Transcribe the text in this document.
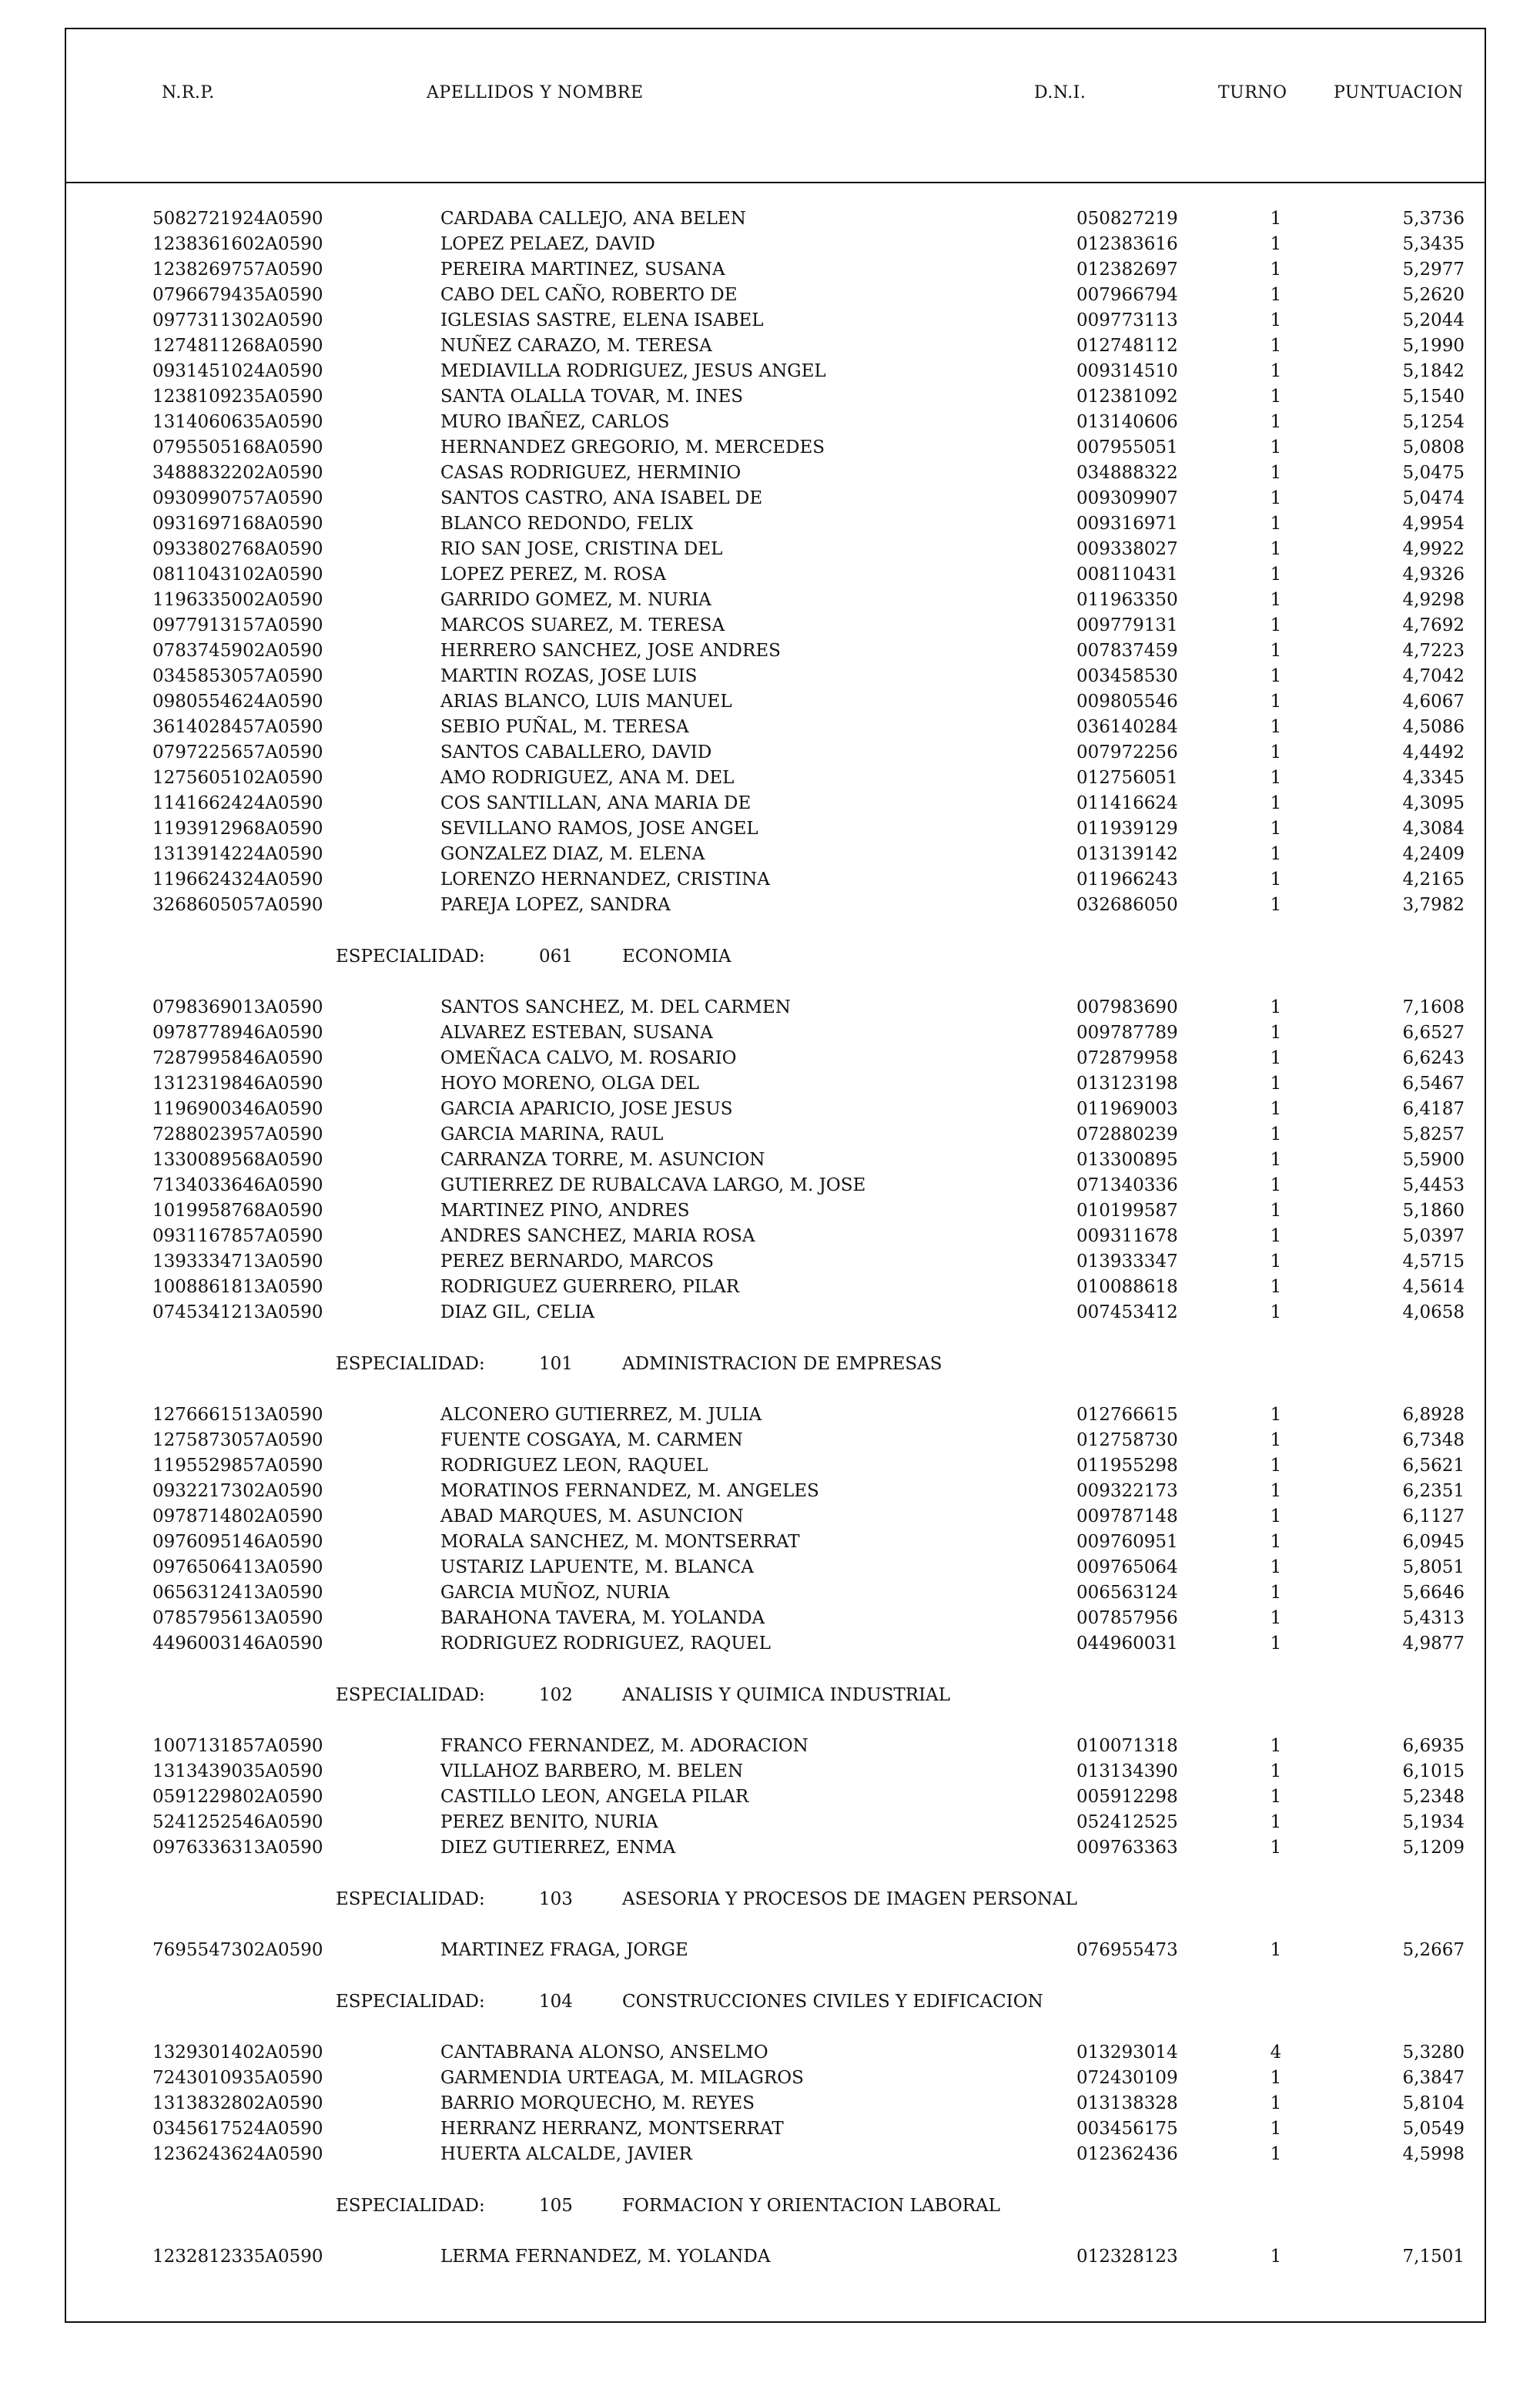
N.R.P.	APELLIDOS Y NOMBRE	D.N.I.	TURNO	PUNTUACION
5082721924A0590	CARDABA CALLEJO, ANA BELEN	050827219	1	5,3736
1238361602A0590	LOPEZ PELAEZ, DAVID	012383616	1	5,3435
1238269757A0590	PEREIRA MARTINEZ, SUSANA	012382697	1	5,2977
0796679435A0590	CABO DEL CAÑO, ROBERTO DE	007966794	1	5,2620
0977311302A0590	IGLESIAS SASTRE, ELENA ISABEL	009773113	1	5,2044
1274811268A0590	NUÑEZ CARAZO, M. TERESA	012748112	1	5,1990
0931451024A0590	MEDIAVILLA RODRIGUEZ, JESUS ANGEL	009314510	1	5,1842
1238109235A0590	SANTA OLALLA TOVAR, M. INES	012381092	1	5,1540
1314060635A0590	MURO IBAÑEZ, CARLOS	013140606	1	5,1254
0795505168A0590	HERNANDEZ GREGORIO, M. MERCEDES	007955051	1	5,0808
3488832202A0590	CASAS RODRIGUEZ, HERMINIO	034888322	1	5,0475
0930990757A0590	SANTOS CASTRO, ANA ISABEL DE	009309907	1	5,0474
0931697168A0590	BLANCO REDONDO, FELIX	009316971	1	4,9954
0933802768A0590	RIO SAN JOSE, CRISTINA DEL	009338027	1	4,9922
0811043102A0590	LOPEZ PEREZ, M. ROSA	008110431	1	4,9326
1196335002A0590	GARRIDO GOMEZ, M. NURIA	011963350	1	4,9298
0977913157A0590	MARCOS SUAREZ, M. TERESA	009779131	1	4,7692
0783745902A0590	HERRERO SANCHEZ, JOSE ANDRES	007837459	1	4,7223
0345853057A0590	MARTIN ROZAS, JOSE LUIS	003458530	1	4,7042
0980554624A0590	ARIAS BLANCO, LUIS MANUEL	009805546	1	4,6067
3614028457A0590	SEBIO PUÑAL, M. TERESA	036140284	1	4,5086
0797225657A0590	SANTOS CABALLERO, DAVID	007972256	1	4,4492
1275605102A0590	AMO RODRIGUEZ, ANA M. DEL	012756051	1	4,3345
1141662424A0590	COS SANTILLAN, ANA MARIA DE	011416624	1	4,3095
1193912968A0590	SEVILLANO RAMOS, JOSE ANGEL	011939129	1	4,3084
1313914224A0590	GONZALEZ DIAZ, M. ELENA	013139142	1	4,2409
1196624324A0590	LORENZO HERNANDEZ, CRISTINA	011966243	1	4,2165
3268605057A0590	PAREJA LOPEZ, SANDRA	032686050	1	3,7982
ESPECIALIDAD:	061	ECONOMIA
0798369013A0590	SANTOS SANCHEZ, M. DEL CARMEN	007983690	1	7,1608
0978778946A0590	ALVAREZ ESTEBAN, SUSANA	009787789	1	6,6527
7287995846A0590	OMEÑACA CALVO, M. ROSARIO	072879958	1	6,6243
1312319846A0590	HOYO MORENO, OLGA DEL	013123198	1	6,5467
1196900346A0590	GARCIA APARICIO, JOSE JESUS	011969003	1	6,4187
7288023957A0590	GARCIA MARINA, RAUL	072880239	1	5,8257
1330089568A0590	CARRANZA TORRE, M. ASUNCION	013300895	1	5,5900
7134033646A0590	GUTIERREZ DE RUBALCAVA LARGO, M. JOSE	071340336	1	5,4453
1019958768A0590	MARTINEZ PINO, ANDRES	010199587	1	5,1860
0931167857A0590	ANDRES SANCHEZ, MARIA ROSA	009311678	1	5,0397
1393334713A0590	PEREZ BERNARDO, MARCOS	013933347	1	4,5715
1008861813A0590	RODRIGUEZ GUERRERO, PILAR	010088618	1	4,5614
0745341213A0590	DIAZ GIL, CELIA	007453412	1	4,0658
ESPECIALIDAD:	101	ADMINISTRACION DE EMPRESAS
1276661513A0590	ALCONERO GUTIERREZ, M. JULIA	012766615	1	6,8928
1275873057A0590	FUENTE COSGAYA, M. CARMEN	012758730	1	6,7348
1195529857A0590	RODRIGUEZ LEON, RAQUEL	011955298	1	6,5621
0932217302A0590	MORATINOS FERNANDEZ, M. ANGELES	009322173	1	6,2351
0978714802A0590	ABAD MARQUES, M. ASUNCION	009787148	1	6,1127
0976095146A0590	MORALA SANCHEZ, M. MONTSERRAT	009760951	1	6,0945
0976506413A0590	USTARIZ LAPUENTE, M. BLANCA	009765064	1	5,8051
0656312413A0590	GARCIA MUÑOZ, NURIA	006563124	1	5,6646
0785795613A0590	BARAHONA TAVERA, M. YOLANDA	007857956	1	5,4313
4496003146A0590	RODRIGUEZ RODRIGUEZ, RAQUEL	044960031	1	4,9877
ESPECIALIDAD:	102	ANALISIS Y QUIMICA INDUSTRIAL
1007131857A0590	FRANCO FERNANDEZ, M. ADORACION	010071318	1	6,6935
1313439035A0590	VILLAHOZ BARBERO, M. BELEN	013134390	1	6,1015
0591229802A0590	CASTILLO LEON, ANGELA PILAR	005912298	1	5,2348
5241252546A0590	PEREZ BENITO, NURIA	052412525	1	5,1934
0976336313A0590	DIEZ GUTIERREZ, ENMA	009763363	1	5,1209
ESPECIALIDAD:	103	ASESORIA Y PROCESOS DE IMAGEN PERSONAL
7695547302A0590	MARTINEZ FRAGA, JORGE	076955473	1	5,2667
ESPECIALIDAD:	104	CONSTRUCCIONES CIVILES Y EDIFICACION
1329301402A0590	CANTABRANA ALONSO, ANSELMO	013293014	4	5,3280
7243010935A0590	GARMENDIA URTEAGA, M. MILAGROS	072430109	1	6,3847
1313832802A0590	BARRIO MORQUECHO, M. REYES	013138328	1	5,8104
0345617524A0590	HERRANZ HERRANZ, MONTSERRAT	003456175	1	5,0549
1236243624A0590	HUERTA ALCALDE, JAVIER	012362436	1	4,5998
ESPECIALIDAD:	105	FORMACION Y ORIENTACION LABORAL
1232812335A0590	LERMA FERNANDEZ, M. YOLANDA	012328123	1	7,1501
